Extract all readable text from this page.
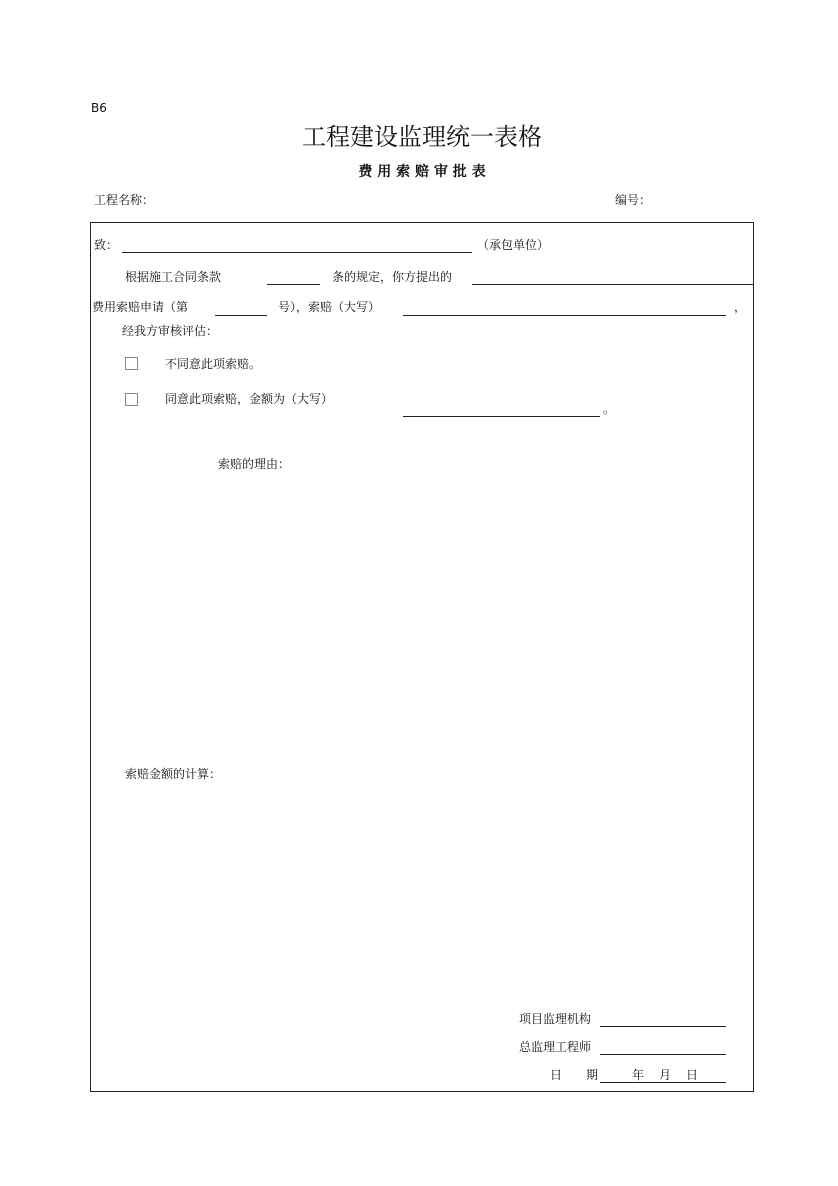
B6
工程建设监理统一表格
费 用 索 赔 审 批 表
工程名称：	编号：
致：	（承包单位）
根据施工合同条款	条的规定，你方提出的
费用索赔申请（第	号），索赔（大写）	，
经我方审核评估：
不同意此项索赔。
同意此项索赔，金额为（大写）
。
索赔的理由：
索赔金额的计算：
项目监理机构
总监理工程师
日　　期	年 月 日
